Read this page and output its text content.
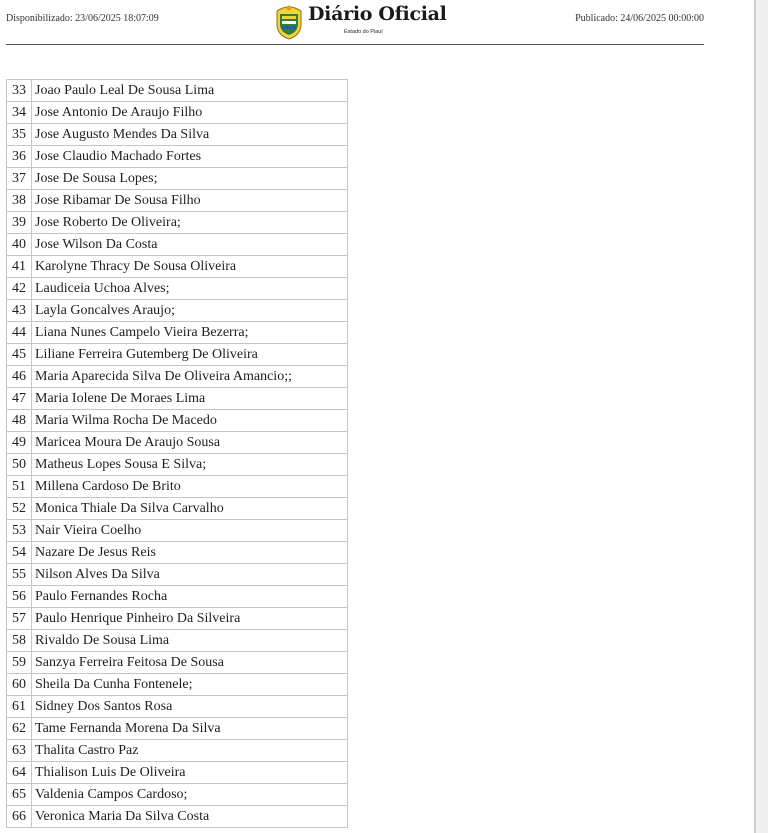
Disponibilizado: 23/06/2025 18:07:09	Diário Oficial
Estado do Piauí
Publicado: 24/06/2025 00:00:00
33	Joao Paulo Leal De Sousa Lima
34	Jose Antonio De Araujo Filho
35	Jose Augusto Mendes Da Silva
36	Jose Claudio Machado Fortes
37	Jose De Sousa Lopes;
38	Jose Ribamar De Sousa Filho
39	Jose Roberto De Oliveira;
40	Jose Wilson Da Costa
41	Karolyne Thracy De Sousa Oliveira
42	Laudiceia Uchoa Alves;
43	Layla Goncalves Araujo;
44	Liana Nunes Campelo Vieira Bezerra;
45	Liliane Ferreira Gutemberg De Oliveira
46	Maria Aparecida Silva De Oliveira Amancio;;
47	Maria Iolene De Moraes Lima
48	Maria Wilma Rocha De Macedo
49	Maricea Moura De Araujo Sousa
50	Matheus Lopes Sousa E Silva;
51	Millena Cardoso De Brito
52	Monica Thiale Da Silva Carvalho
53	Nair Vieira Coelho
54	Nazare De Jesus Reis
55	Nilson Alves Da Silva
56	Paulo Fernandes Rocha
57	Paulo Henrique Pinheiro Da Silveira
58	Rivaldo De Sousa Lima
59	Sanzya Ferreira Feitosa De Sousa
60	Sheila Da Cunha Fontenele;
61	Sidney Dos Santos Rosa
62	Tame Fernanda Morena Da Silva
63	Thalita Castro Paz
64	Thialison Luis De Oliveira
65	Valdenia Campos Cardoso;
66	Veronica Maria Da Silva Costa
